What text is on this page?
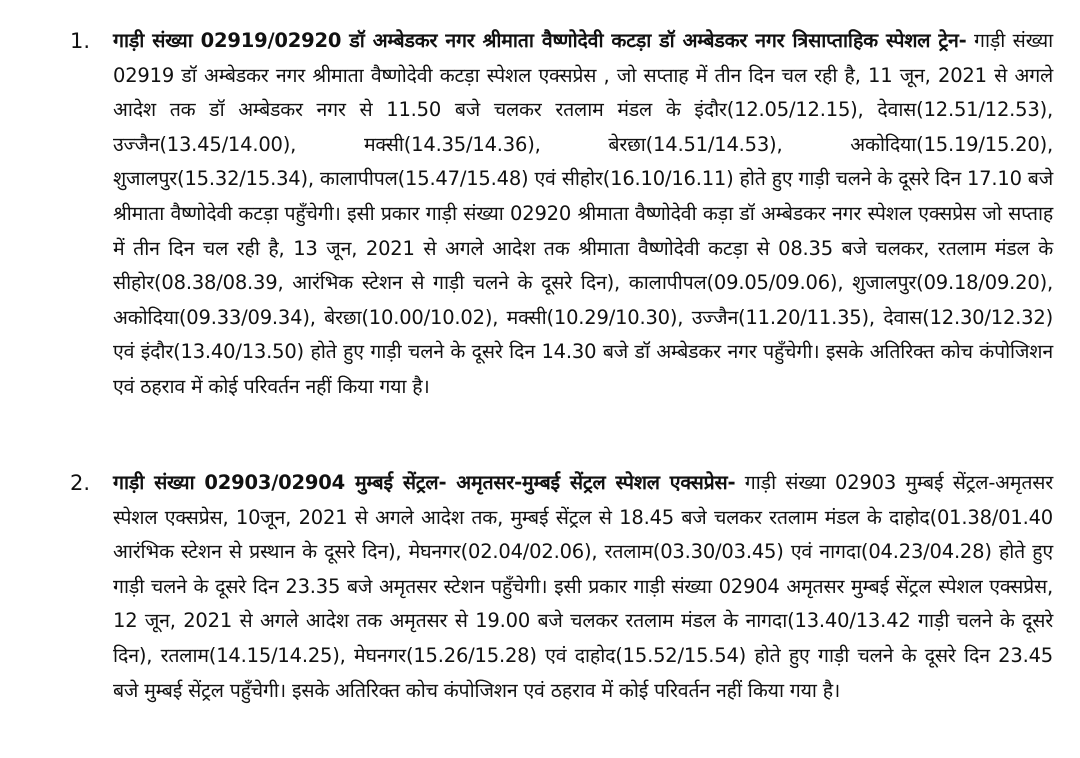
1. गाड़ी संख्या 02919/02920 डॉ अम्बेडकर नगर श्रीमाता वैष्णोदेवी कटड़ा डॉ अम्बेडकर नगर त्रिसाप्ताहिक स्पेशल ट्रेन- गाड़ी संख्या 02919 डॉ अम्बेडकर नगर श्रीमाता वैष्णोदेवी कटड़ा स्पेशल एक्सप्रेस , जो सप्ताह में तीन दिन चल रही है, 11 जून, 2021 से अगले आदेश तक डॉ अम्बेडकर नगर से 11.50 बजे चलकर रतलाम मंडल के इंदौर(12.05/12.15), देवास(12.51/12.53), उज्जैन(13.45/14.00), मक्सी(14.35/14.36), बेरछा(14.51/14.53), अकोदिया(15.19/15.20), शुजालपुर(15.32/15.34), कालापीपल(15.47/15.48) एवं सीहोर(16.10/16.11) होते हुए गाड़ी चलने के दूसरे दिन 17.10 बजे श्रीमाता वैष्णोदेवी कटड़ा पहुँचेगी। इसी प्रकार गाड़ी संख्या 02920 श्रीमाता वैष्णोदेवी कड़ा डॉ अम्बेडकर नगर स्पेशल एक्सप्रेस जो सप्ताह में तीन दिन चल रही है, 13 जून, 2021 से अगले आदेश तक श्रीमाता वैष्णोदेवी कटड़ा से 08.35 बजे चलकर, रतलाम मंडल के सीहोर(08.38/08.39, आरंभिक स्टेशन से गाड़ी चलने के दूसरे दिन), कालापीपल(09.05/09.06), शुजालपुर(09.18/09.20), अकोदिया(09.33/09.34), बेरछा(10.00/10.02), मक्सी(10.29/10.30), उज्जैन(11.20/11.35), देवास(12.30/12.32) एवं इंदौर(13.40/13.50) होते हुए गाड़ी चलने के दूसरे दिन 14.30 बजे डॉ अम्बेडकर नगर पहुँचेगी। इसके अतिरिक्त कोच कंपोजिशन एवं ठहराव में कोई परिवर्तन नहीं किया गया है।

2. गाड़ी संख्या 02903/02904 मुम्बई सेंट्रल- अमृतसर-मुम्बई सेंट्रल स्पेशल एक्सप्रेस- गाड़ी संख्या 02903 मुम्बई सेंट्रल-अमृतसर स्पेशल एक्सप्रेस, 10जून, 2021 से अगले आदेश तक, मुम्बई सेंट्रल से 18.45 बजे चलकर रतलाम मंडल के दाहोद(01.38/01.40 आरंभिक स्टेशन से प्रस्थान के दूसरे दिन), मेघनगर(02.04/02.06), रतलाम(03.30/03.45) एवं नागदा(04.23/04.28) होते हुए गाड़ी चलने के दूसरे दिन 23.35 बजे अमृतसर स्टेशन पहुँचेगी। इसी प्रकार गाड़ी संख्या 02904 अमृतसर मुम्बई सेंट्रल स्पेशल एक्सप्रेस, 12 जून, 2021 से अगले आदेश तक अमृतसर से 19.00 बजे चलकर रतलाम मंडल के नागदा(13.40/13.42 गाड़ी चलने के दूसरे दिन), रतलाम(14.15/14.25), मेघनगर(15.26/15.28) एवं दाहोद(15.52/15.54) होते हुए गाड़ी चलने के दूसरे दिन 23.45 बजे मुम्बई सेंट्रल पहुँचेगी। इसके अतिरिक्त कोच कंपोजिशन एवं ठहराव में कोई परिवर्तन नहीं किया गया है।
